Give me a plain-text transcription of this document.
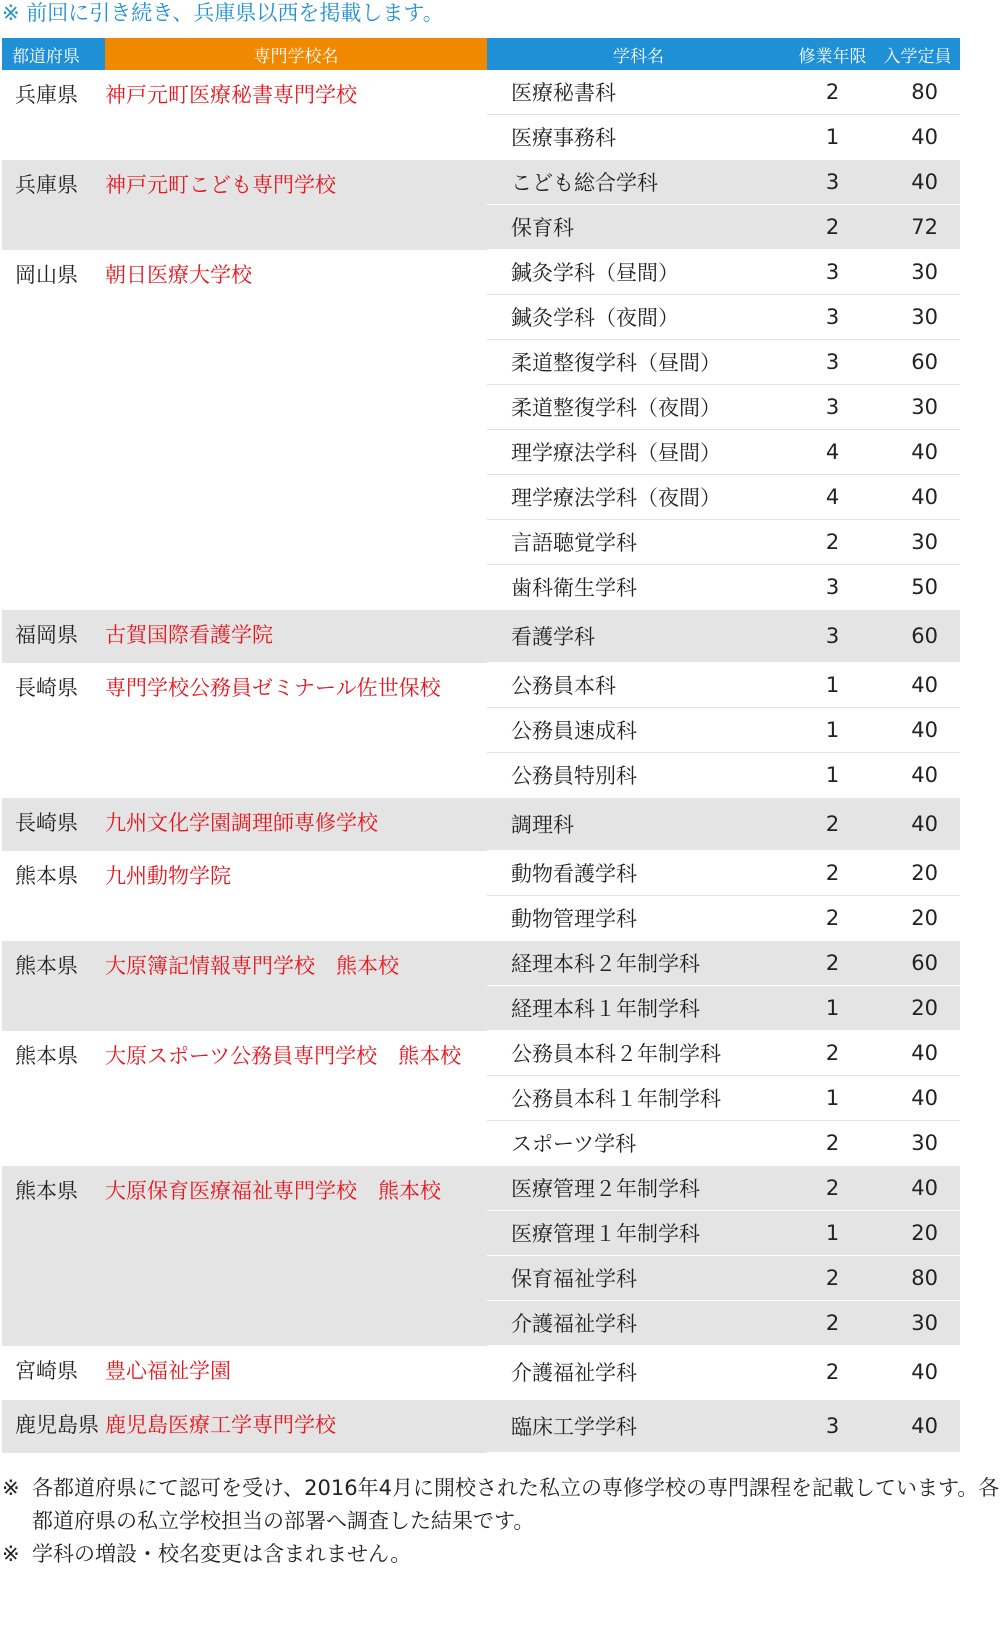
※ 前回に引き続き、兵庫県以西を掲載します。
都道府県	専門学校名	学科名	修業年限	入学定員
兵庫県	神戸元町医療秘書専門学校	医療秘書科	2	80
		医療事務科	1	40
兵庫県	神戸元町こども専門学校	こども総合学科	3	40
		保育科	2	72
岡山県	朝日医療大学校	鍼灸学科（昼間）	3	30
		鍼灸学科（夜間）	3	30
		柔道整復学科（昼間）	3	60
		柔道整復学科（夜間）	3	30
		理学療法学科（昼間）	4	40
		理学療法学科（夜間）	4	40
		言語聴覚学科	2	30
		歯科衛生学科	3	50
福岡県	古賀国際看護学院	看護学科	3	60
長崎県	専門学校公務員ゼミナール佐世保校	公務員本科	1	40
		公務員速成科	1	40
		公務員特別科	1	40
長崎県	九州文化学園調理師専修学校	調理科	2	40
熊本県	九州動物学院	動物看護学科	2	20
		動物管理学科	2	20
熊本県	大原簿記情報専門学校　熊本校	経理本科２年制学科	2	60
		経理本科１年制学科	1	20
熊本県	大原スポーツ公務員専門学校　熊本校	公務員本科２年制学科	2	40
		公務員本科１年制学科	1	40
		スポーツ学科	2	30
熊本県	大原保育医療福祉専門学校　熊本校	医療管理２年制学科	2	40
		医療管理１年制学科	1	20
		保育福祉学科	2	80
		介護福祉学科	2	30
宮崎県	豊心福祉学園	介護福祉学科	2	40
鹿児島県	鹿児島医療工学専門学校	臨床工学学科	3	40
※ 各都道府県にて認可を受け、2016年4月に開校された私立の専修学校の専門課程を記載しています。各都道府県の私立学校担当の部署へ調査した結果です。
※ 学科の増設・校名変更は含まれません。
